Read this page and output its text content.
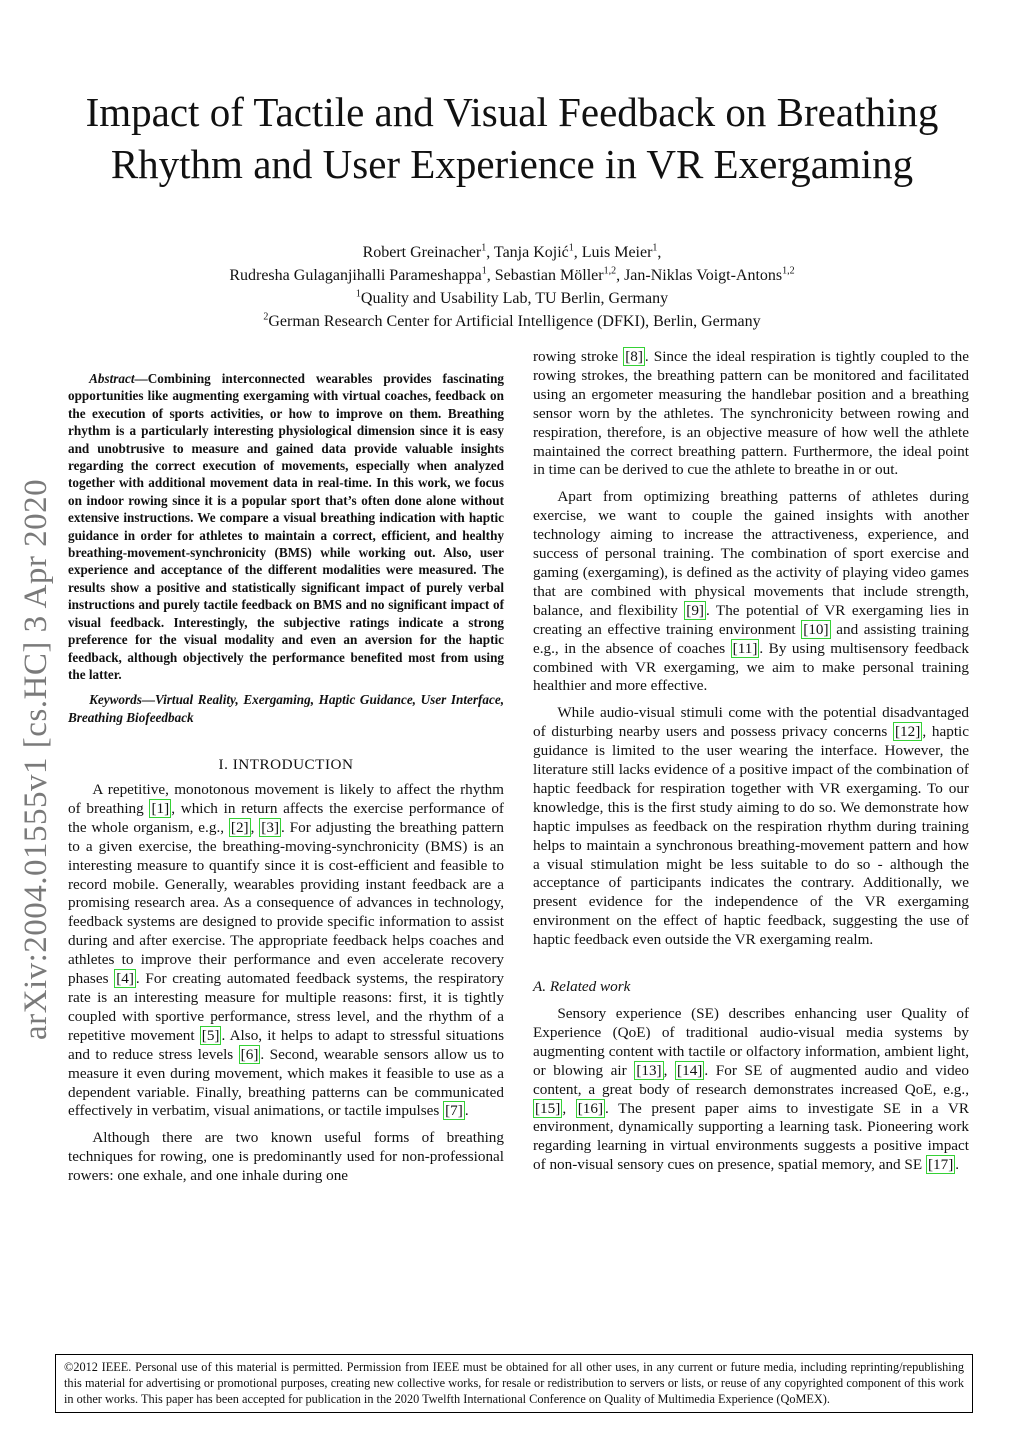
arXiv:2004.01555v1 [cs.HC] 3 Apr 2020
Impact of Tactile and Visual Feedback on Breathing
Rhythm and User Experience in VR Exergaming
Robert Greinacher$^1$, Tanja Kojić$^1$, Luis Meier$^1$,
Rudresha Gulaganjihalli Parameshappa$^1$, Sebastian Möller$^{1,2}$, Jan-Niklas Voigt-Antons$^{1,2}$
$^1$Quality and Usability Lab, TU Berlin, Germany
$^2$German Research Center for Artificial Intelligence (DFKI), Berlin, Germany

Abstract—Combining interconnected wearables provides fascinating opportunities like augmenting exergaming with virtual coaches, feedback on the execution of sports activities, or how to improve on them. Breathing rhythm is a particularly interesting physiological dimension since it is easy and unobtrusive to measure and gained data provide valuable insights regarding the correct execution of movements, especially when analyzed together with additional movement data in real-time. In this work, we focus on indoor rowing since it is a popular sport that’s often done alone without extensive instructions. We compare a visual breathing indication with haptic guidance in order for athletes to maintain a correct, efficient, and healthy breathing-movement-synchronicity (BMS) while working out. Also, user experience and acceptance of the different modalities were measured. The results show a positive and statistically significant impact of purely verbal instructions and purely tactile feedback on BMS and no significant impact of visual feedback. Interestingly, the subjective ratings indicate a strong preference for the visual modality and even an aversion for the haptic feedback, although objectively the performance benefited most from using the latter.

Keywords—Virtual Reality, Exergaming, Haptic Guidance, User Interface, Breathing Biofeedback

I. INTRODUCTION

A repetitive, monotonous movement is likely to affect the rhythm of breathing [1] , which in return affects the exercise performance of the whole organism, e.g., [2] , [3] . For adjusting the breathing pattern to a given exercise, the breathing-moving-synchronicity (BMS) is an interesting measure to quantify since it is cost-efficient and feasible to record mobile. Generally, wearables providing instant feedback are a promising research area. As a consequence of advances in technology, feedback systems are designed to provide specific information to assist during and after exercise. The appropriate feedback helps coaches and athletes to improve their performance and even accelerate recovery phases [4] . For creating automated feedback systems, the respiratory rate is an interesting measure for multiple reasons: first, it is tightly coupled with sportive performance, stress level, and the rhythm of a repetitive movement [5] . Also, it helps to adapt to stressful situations and to reduce stress levels [6] . Second, wearable sensors allow us to measure it even during movement, which makes it feasible to use as a dependent variable. Finally, breathing patterns can be communicated effectively in verbatim, visual animations, or tactile impulses [7] .

Although there are two known useful forms of breathing techniques for rowing, one is predominantly used for non-professional rowers: one exhale, and one inhale during one

rowing stroke [8] . Since the ideal respiration is tightly coupled to the rowing strokes, the breathing pattern can be monitored and facilitated using an ergometer measuring the handlebar position and a breathing sensor worn by the athletes. The synchronicity between rowing and respiration, therefore, is an objective measure of how well the athlete maintained the correct breathing pattern. Furthermore, the ideal point in time can be derived to cue the athlete to breathe in or out.

Apart from optimizing breathing patterns of athletes during exercise, we want to couple the gained insights with another technology aiming to increase the attractiveness, experience, and success of personal training. The combination of sport exercise and gaming (exergaming), is defined as the activity of playing video games that are combined with physical movements that include strength, balance, and flexibility [9] . The potential of VR exergaming lies in creating an effective training environment [10] and assisting training e.g., in the absence of coaches [11] . By using multisensory feedback combined with VR exergaming, we aim to make personal training healthier and more effective.

While audio-visual stimuli come with the potential disadvantaged of disturbing nearby users and possess privacy concerns [12] , haptic guidance is limited to the user wearing the interface. However, the literature still lacks evidence of a positive impact of the combination of haptic feedback for respiration together with VR exergaming. To our knowledge, this is the first study aiming to do so. We demonstrate how haptic impulses as feedback on the respiration rhythm during training helps to maintain a synchronous breathing-movement pattern and how a visual stimulation might be less suitable to do so - although the acceptance of participants indicates the contrary. Additionally, we present evidence for the independence of the VR exergaming environment on the effect of haptic feedback, suggesting the use of haptic feedback even outside the VR exergaming realm.

A. Related work

Sensory experience (SE) describes enhancing user Quality of Experience (QoE) of traditional audio-visual media systems by augmenting content with tactile or olfactory information, ambient light, or blowing air [13] , [14] . For SE of augmented audio and video content, a great body of research demonstrates increased QoE, e.g., [15] , [16] . The present paper aims to investigate SE in a VR environment, dynamically supporting a learning task. Pioneering work regarding learning in virtual environments suggests a positive impact of non-visual sensory cues on presence, spatial memory, and SE [17] .

©2012 IEEE. Personal use of this material is permitted. Permission from IEEE must be obtained for all other uses, in any current or future media, including reprinting/republishing this material for advertising or promotional purposes, creating new collective works, for resale or redistribution to servers or lists, or reuse of any copyrighted component of this work in other works. This paper has been accepted for publication in the 2020 Twelfth International Conference on Quality of Multimedia Experience (QoMEX).
